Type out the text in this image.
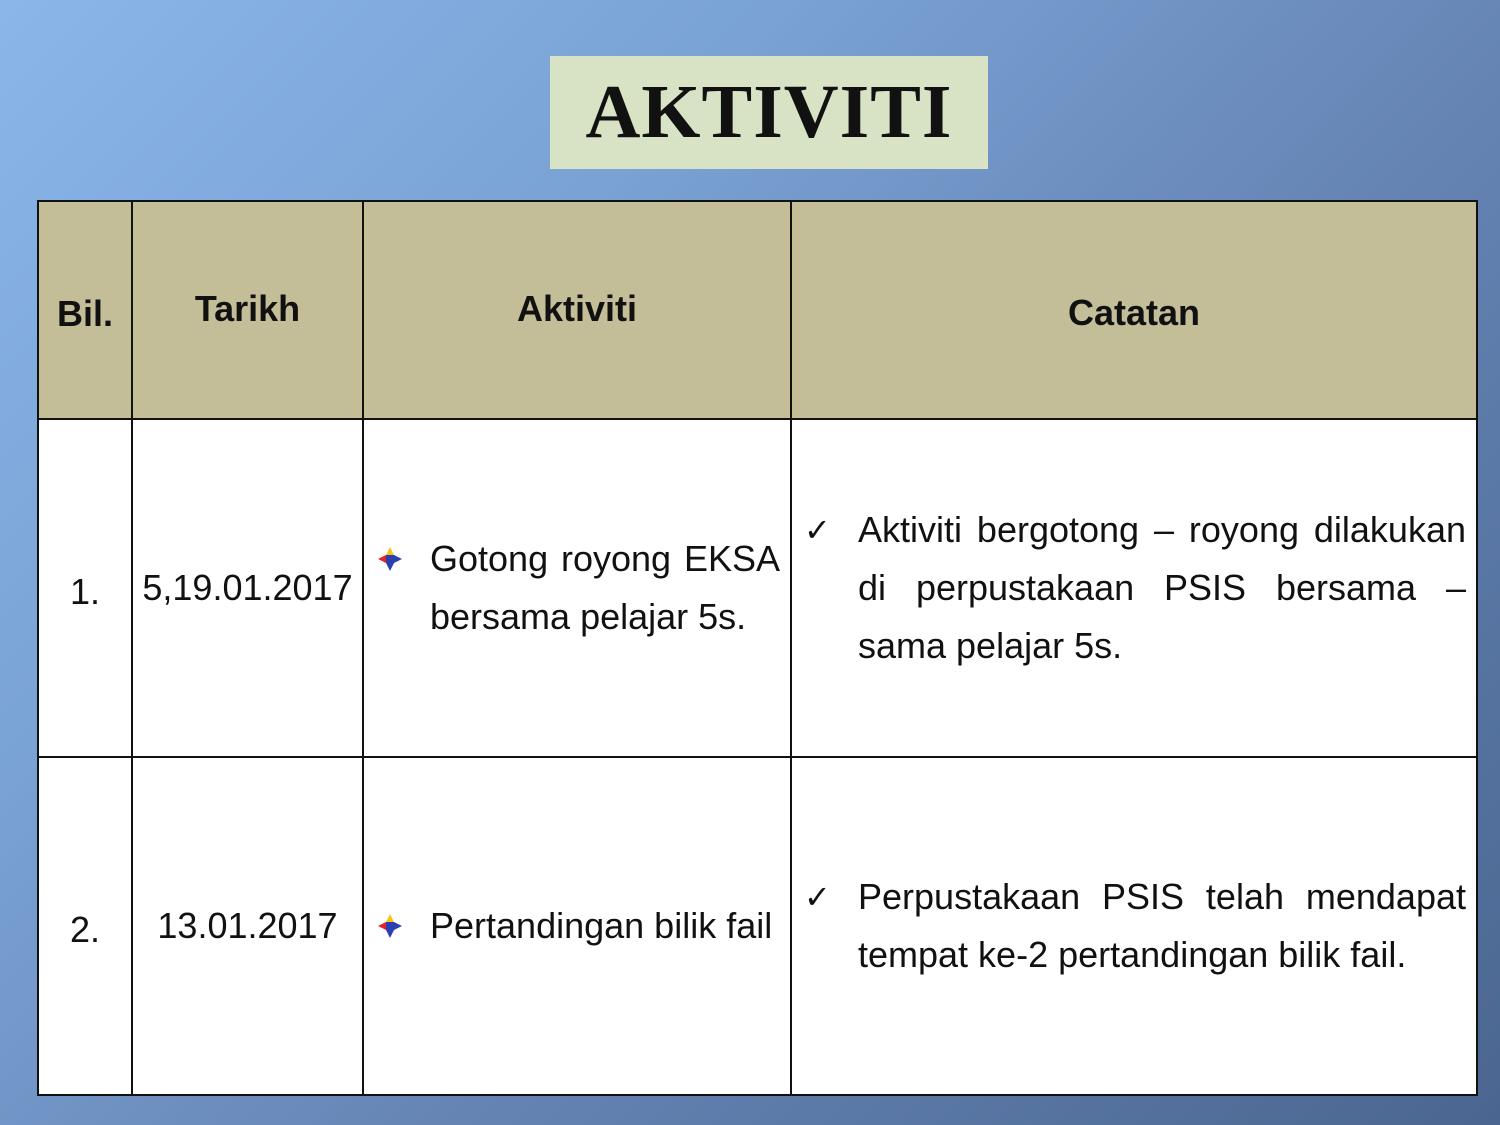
AKTIVITI
Bil.	Tarikh	Aktiviti	Catatan
1.	5,19.01.2017	Gotong royong EKSA bersama pelajar 5s.	✓ Aktiviti bergotong – royong dilakukan di perpustakaan PSIS bersama – sama pelajar 5s.

2.	13.01.2017	Pertandingan bilik fail	✓ Perpustakaan PSIS telah mendapat tempat ke-2 pertandingan bilik fail.
